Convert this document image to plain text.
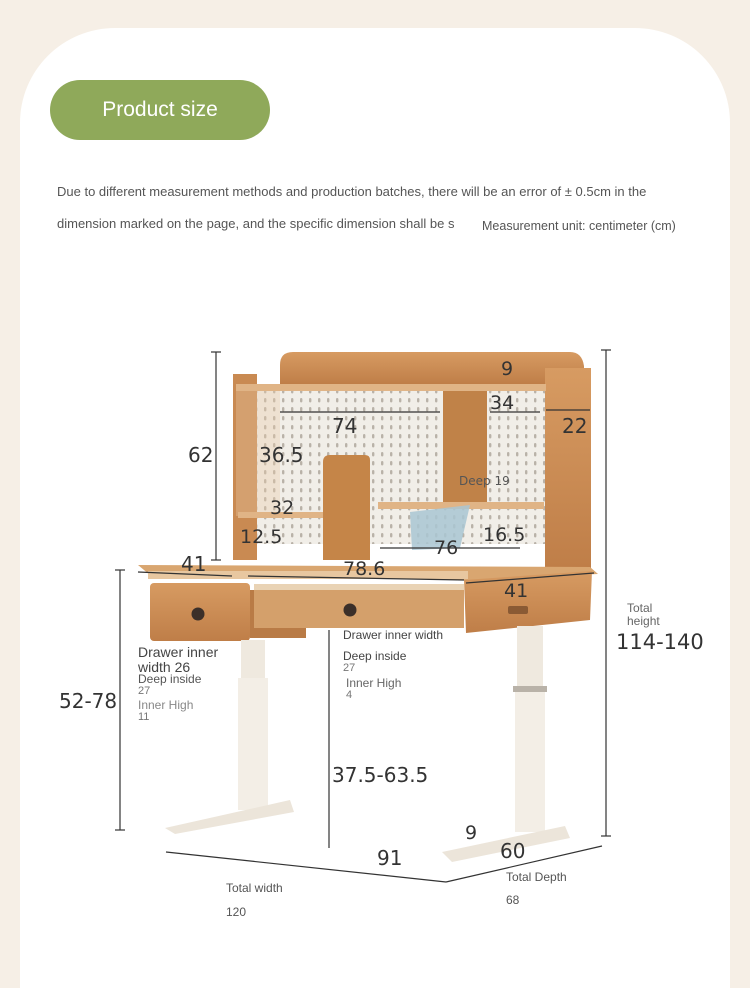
Product size
Due to different measurement methods and production batches, there will be an error of ± 0.5cm in the
dimension marked on the page, and the specific dimension shall be s Measurement unit: centimeter (cm)
62
9
34
22
74
36.5
Deep 19
32
12.5	76
16.5
41	78.6
41
52-78
37.5-63.5
114-140
9
91	60
Total height
Drawer inner width 26
Deep inside
27
Inner High
11
Drawer inner width
Deep inside
27
Inner High
4
Total width
120
Total Depth
68
